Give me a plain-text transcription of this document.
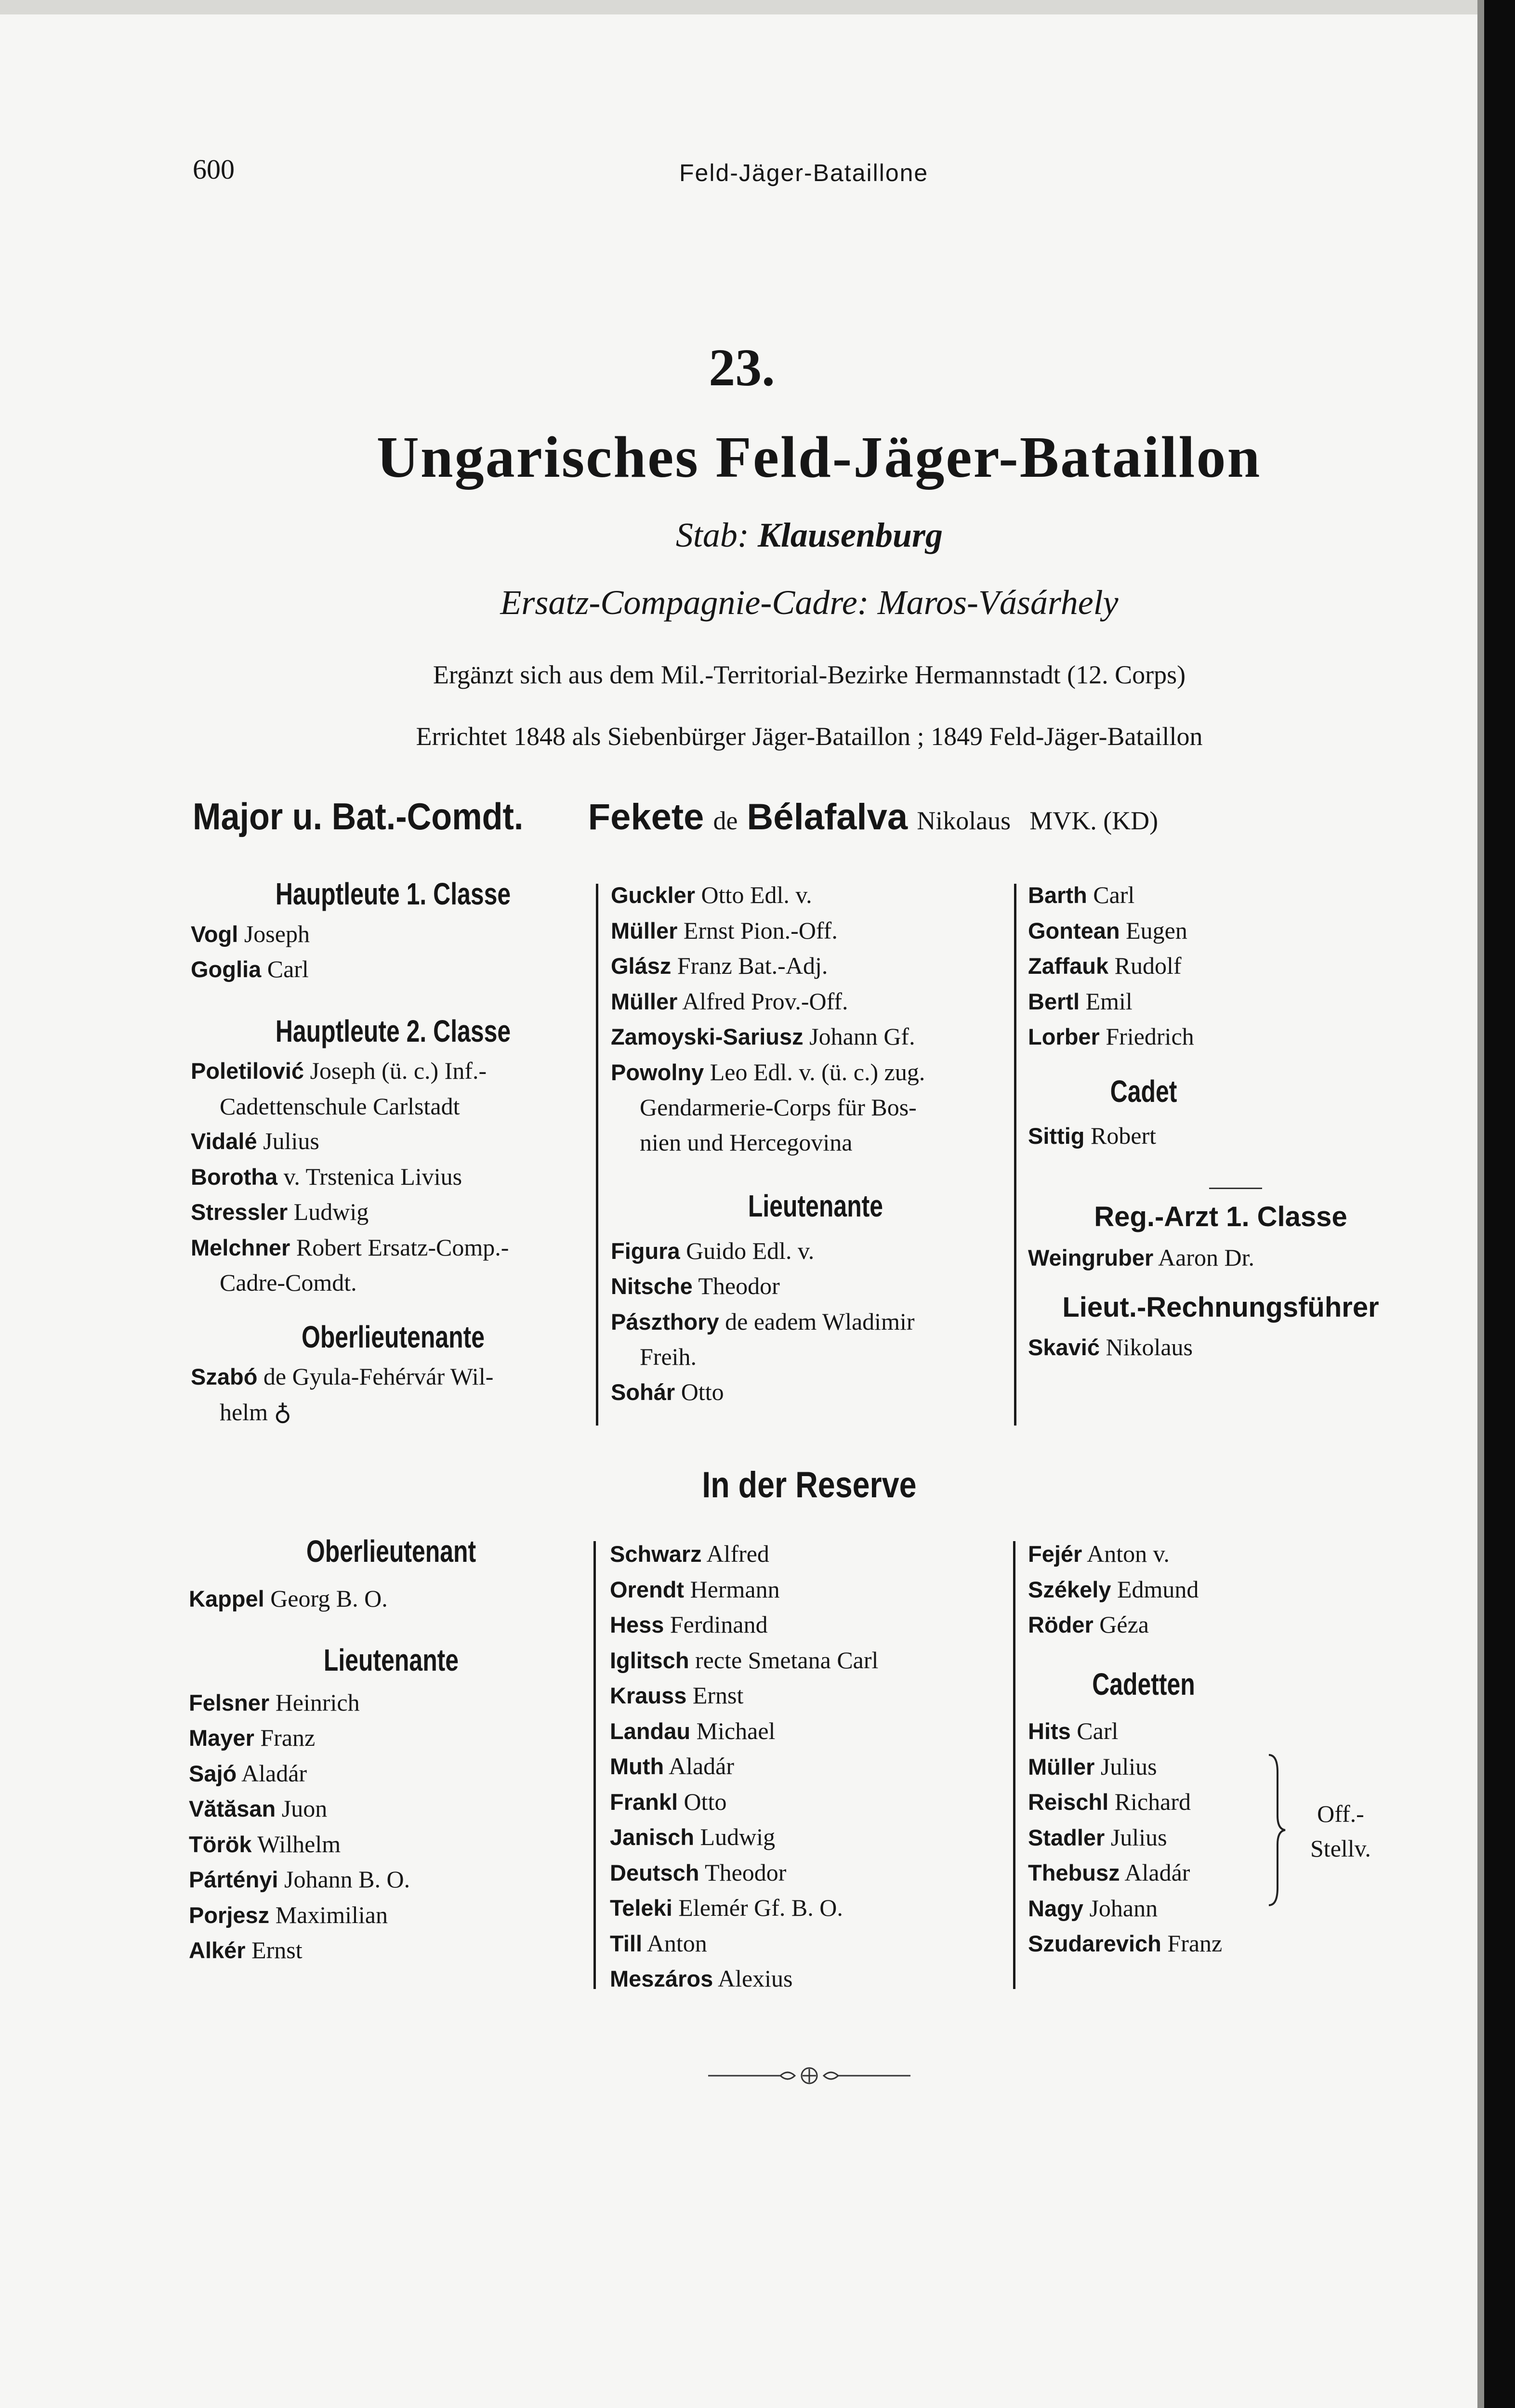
600	Feld-Jäger-Bataillone
23.
Ungarisches Feld-Jäger-Bataillon
Stab: Klausenburg
Ersatz-Compagnie-Cadre: Maros-Vásárhely
Ergänzt sich aus dem Mil.-Territorial-Bezirke Hermannstadt (12. Corps)
Errichtet 1848 als Siebenbürger Jäger-Bataillon ; 1849 Feld-Jäger-Bataillon
Major u. Bat.-Comdt. Fekete de Bélafalva Nikolaus MVK. (KD)
Hauptleute 1. Classe
Vogl Joseph
Goglia Carl
Hauptleute 2. Classe
Poletilović Joseph (ü. c.) Inf.-
Cadettenschule Carlstadt
Vidalé Julius
Borotha v. Trstenica Livius
Stressler Ludwig
Melchner Robert Ersatz-Comp.-
Cadre-Comdt.
Oberlieutenante
Szabó de Gyula-Fehérvár Wil-
helm ♁
Guckler Otto Edl. v.
Müller Ernst Pion.-Off.
Glász Franz Bat.-Adj.
Müller Alfred Prov.-Off.
Zamoyski-Sariusz Johann Gf.
Powolny Leo Edl. v. (ü. c.) zug.
Gendarmerie-Corps für Bos-
nien und Hercegovina
Lieutenante
Figura Guido Edl. v.
Nitsche Theodor
Pászthory de eadem Wladimir
Freih.
Sohár Otto
Barth Carl
Gontean Eugen
Zaffauk Rudolf
Bertl Emil
Lorber Friedrich
Cadet
Sittig Robert
Reg.-Arzt 1. Classe
Weingruber Aaron Dr.
Lieut.-Rechnungsführer
Skavić Nikolaus
In der Reserve
Oberlieutenant
Kappel Georg B. O.
Lieutenante
Felsner Heinrich
Mayer Franz
Sajó Aladár
Vătăsan Juon
Török Wilhelm
Pártényi Johann B. O.
Porjesz Maximilian
Alkér Ernst
Schwarz Alfred
Orendt Hermann
Hess Ferdinand
Iglitsch recte Smetana Carl
Krauss Ernst
Landau Michael
Muth Aladár
Frankl Otto
Janisch Ludwig
Deutsch Theodor
Teleki Elemér Gf. B. O.
Till Anton
Meszáros Alexius
Fejér Anton v.
Székely Edmund
Röder Géza
Cadetten
Hits Carl
Müller Julius
Reischl Richard
Stadler Julius
Thebusz Aladár
Nagy Johann
Szudarevich Franz
Off.-
Stellv.
